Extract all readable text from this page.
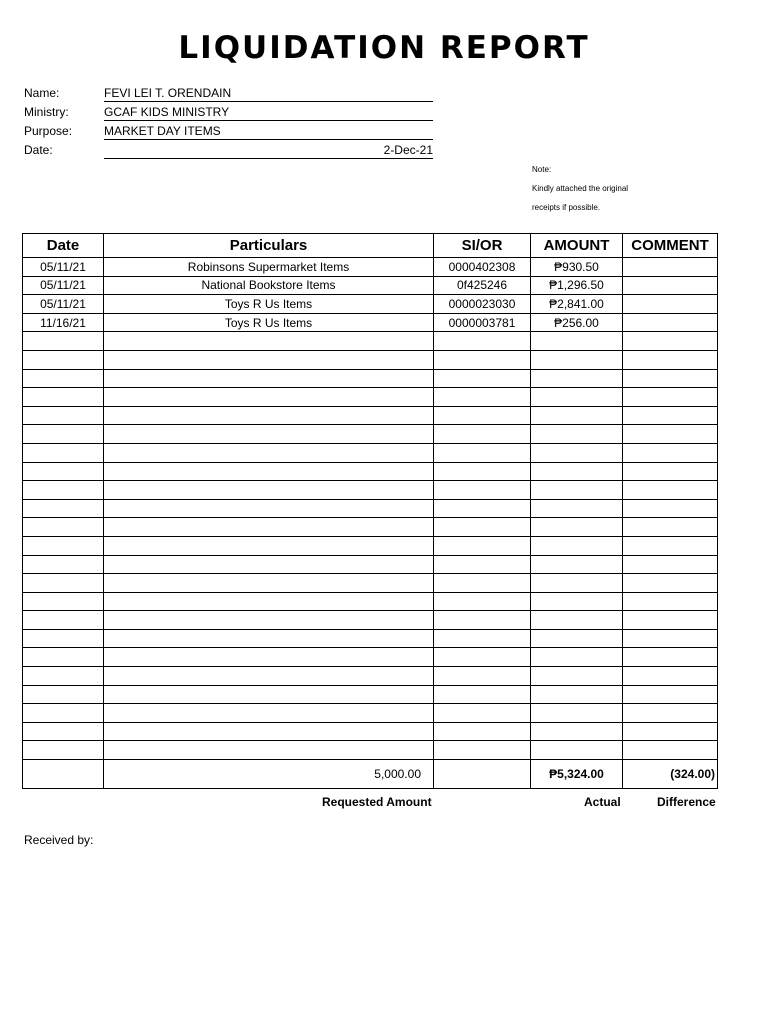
LIQUIDATION REPORT
Name:	FEVI LEI T. ORENDAIN
Ministry:	GCAF KIDS MINISTRY
Purpose:	MARKET DAY ITEMS
Date:	2-Dec-21
Note:
Kindly attached the original
receipts if possible.
Date	Particulars	SI/OR	AMOUNT	COMMENT
05/11/21	Robinsons Supermarket Items	0000402308	₱930.50	
05/11/21	National Bookstore Items	0f425246	₱1,296.50	
05/11/21	Toys R Us Items	0000023030	₱2,841.00	
11/16/21	Toys R Us Items	0000003781	₱256.00	

	5,000.00		₱5,324.00	(324.00)
Requested Amount	Actual	Difference
Received by:
